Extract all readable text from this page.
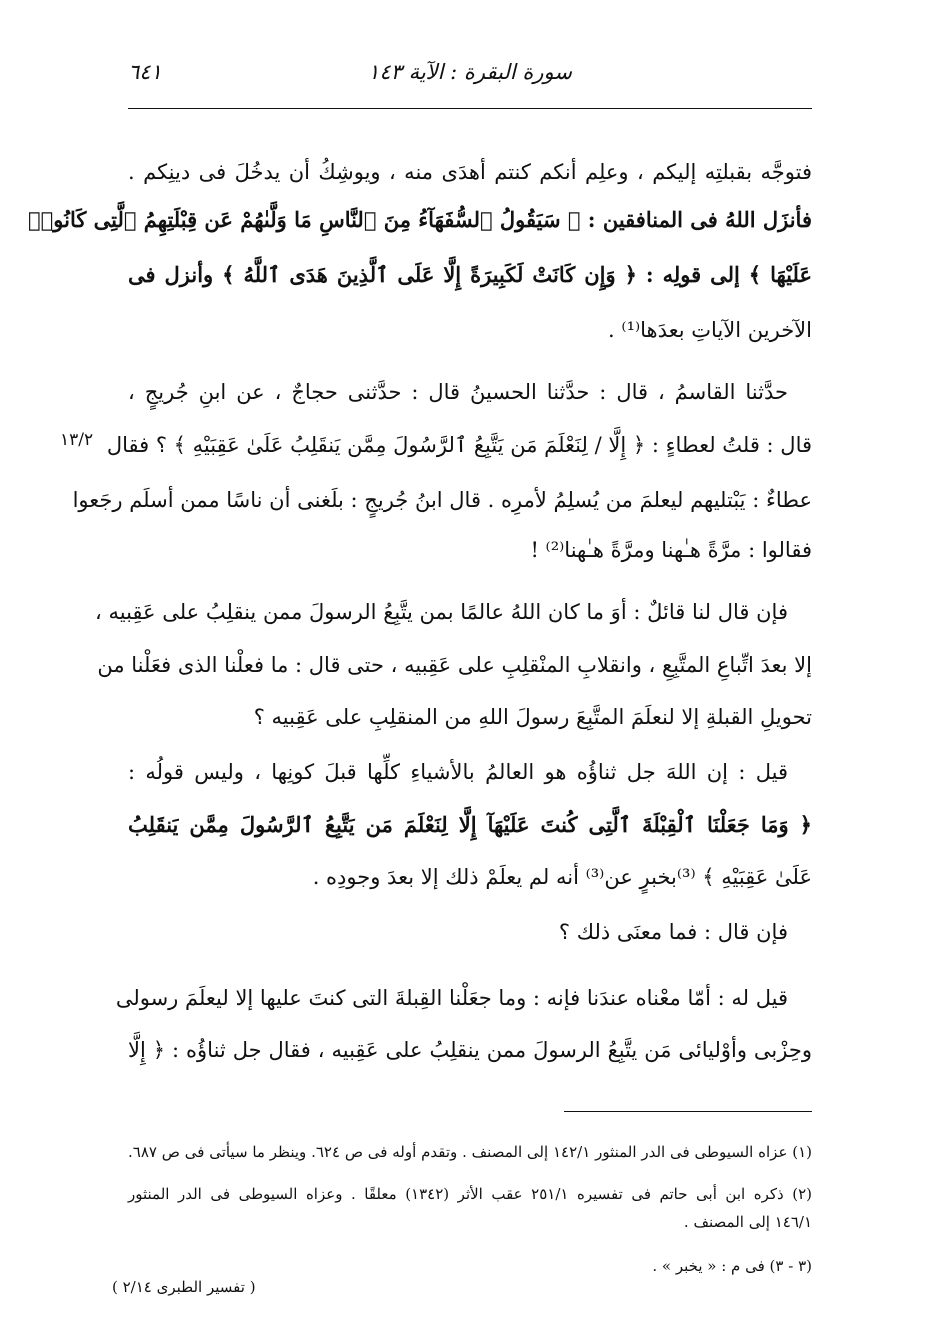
٦٤١	سورة البقرة : الآية ١٤٣
فتوجَّه بقبلتِه إليكم ، وعلِم أنكم كنتم أهدَى منه ، ويوشِكُ أن يدخُلَ فى دينِكم .
فأنزَل اللهُ فى المنافقين : ﴿ سَيَقُولُ ٱلسُّفَهَآءُ مِنَ ٱلنَّاسِ مَا وَلَّىٰهُمْ عَن قِبْلَتِهِمُ ٱلَّتِى كَانُوا۟
عَلَيْهَا ﴾ إلى قولِه : ﴿ وَإِن كَانَتْ لَكَبِيرَةً إِلَّا عَلَى ٱلَّذِينَ هَدَى ٱللَّهُ ﴾ وأنزل فى
الآخرين الآياتِ بعدَها⁽¹⁾ .
حدَّثنا القاسمُ ، قال : حدَّثنا الحسينُ قال : حدَّثنى حجاجٌ ، عن ابنِ جُريجٍ ،
قال : قلتُ لعطاءٍ : ﴿ إِلَّا / لِنَعْلَمَ مَن يَتَّبِعُ ٱلرَّسُولَ مِمَّن يَنقَلِبُ عَلَىٰ عَقِبَيْهِ ﴾ ؟ فقال
١٣/٢
عطاءٌ : يَبْتليهم ليعلمَ من يُسلِمُ لأمرِه . قال ابنُ جُريجٍ : بلَغنى أن ناسًا ممن أسلَم رجَعوا
فقالوا : مرَّةً هـٰهنا ومرَّةً هـٰهنا⁽²⁾ !
فإن قال لنا قائلٌ : أوَ ما كان اللهُ عالمًا بمن يتَّبِعُ الرسولَ ممن ينقلِبُ على عَقِبيه ،
إلا بعدَ اتِّباعِ المتَّبِعِ ، وانقلابِ المنْقلِبِ على عَقِبيه ، حتى قال : ما فعلْنا الذى فعَلْنا من
تحويلِ القبلةِ إلا لنعلَمَ المتَّبِعَ رسولَ اللهِ من المنقلِبِ على عَقِبيه ؟
قيل : إن اللهَ جل ثناؤُه هو العالمُ بالأشياءِ كلِّها قبلَ كونِها ، وليس قولُه :
﴿ وَمَا جَعَلْنَا ٱلْقِبْلَةَ ٱلَّتِى كُنتَ عَلَيْهَآ إِلَّا لِنَعْلَمَ مَن يَتَّبِعُ ٱلرَّسُولَ مِمَّن يَنقَلِبُ
عَلَىٰ عَقِبَيْهِ ﴾ ⁽³⁾بخبرٍ عن⁽³⁾ أنه لم يعلَمْ ذلك إلا بعدَ وجودِه .
فإن قال : فما معنَى ذلك ؟
قيل له : أمّا معْناه عندَنا فإنه : وما جعَلْنا القِبلةَ التى كنتَ عليها إلا ليعلَمَ رسولى
وحِزْبى وأوْليائى مَن يتَّبِعُ الرسولَ ممن ينقلِبُ على عَقِبيه ، فقال جل ثناؤُه : ﴿ إِلَّا
(١) عزاه السيوطى فى الدر المنثور ١٤٢/١ إلى المصنف . وتقدم أوله فى ص ٦٢٤. وينظر ما سيأتى فى ص ٦٨٧.
(٢) ذكره ابن أبى حاتم فى تفسيره ٢٥١/١ عقب الأثر (١٣٤٢) معلقًا . وعزاه السيوطى فى الدر المنثور
١٤٦/١ إلى المصنف .
(٣ - ٣) فى م : « يخبر » .
( تفسير الطبرى ٢/١٤ )
